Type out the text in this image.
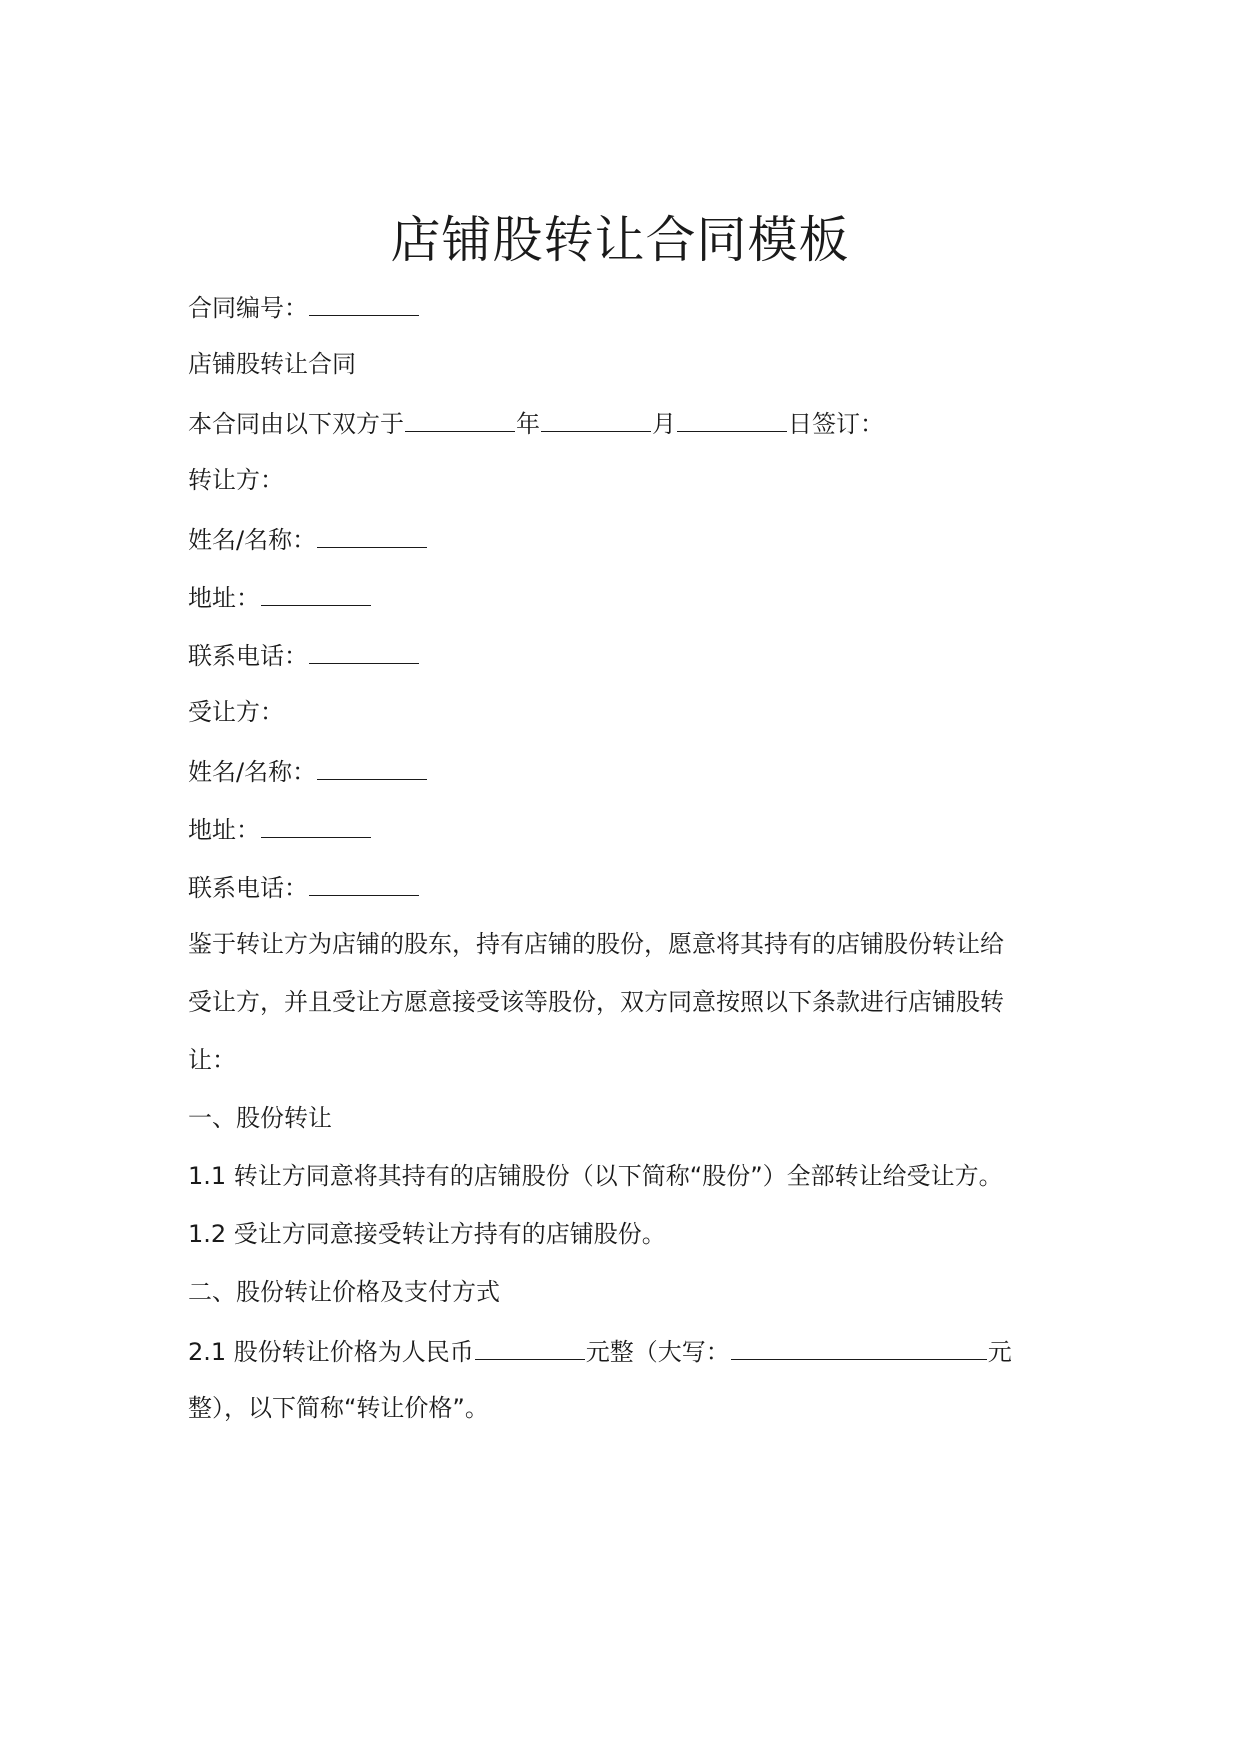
店铺股转让合同模板
合同编号：
店铺股转让合同
本合同由以下双方于	年	月	日签订：
转让方：
姓名/名称：
地址：
联系电话：
受让方：
姓名/名称：
地址：
联系电话：
鉴于转让方为店铺的股东，持有店铺的股份，愿意将其持有的店铺股份转让给
受让方，并且受让方愿意接受该等股份，双方同意按照以下条款进行店铺股转
让：
一、股份转让
1.1 转让方同意将其持有的店铺股份（以下简称“股份”）全部转让给受让方。
1.2 受让方同意接受转让方持有的店铺股份。
二、股份转让价格及支付方式
2.1 股份转让价格为人民币	元整（大写：	元
整），以下简称“转让价格”。
